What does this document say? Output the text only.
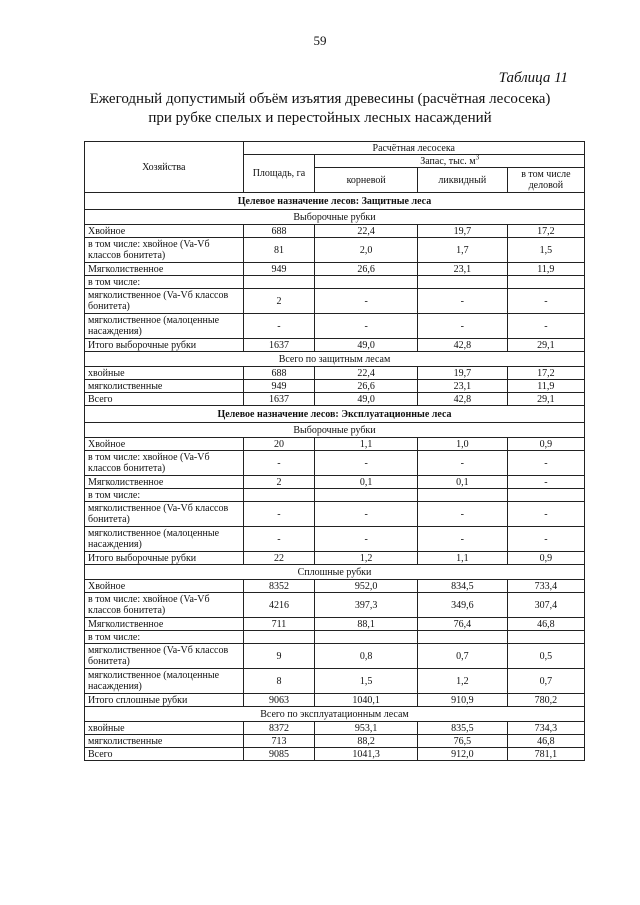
59
Таблица 11
Ежегодный допустимый объём изъятия древесины (расчётная лесосека)
при рубке спелых и перестойных лесных насаждений
Хозяйства	Расчётная лесосека			
	Площадь, га	Запас, тыс. $м^3$
		корневой	ликвидный	в том числе деловой
Целевое назначение лесов: Защитные леса				
Выборочные рубки				
Хвойное	688	22,4	19,7	17,2
в том числе: хвойное (Va-Vб классов бонитета)	81	2,0	1,7	1,5
Мягколиственное	949	26,6	23,1	11,9
в том числе:				
мягколиственное (Va-Vб классов бонитета)	2	-	-	-
мягколиственное (малоценные насаждения)	-	-	-	-
Итого выборочные рубки	1637	49,0	42,8	29,1
Всего по защитным лесам				
хвойные	688	22,4	19,7	17,2
мягколиственные	949	26,6	23,1	11,9
Всего	1637	49,0	42,8	29,1
Целевое назначение лесов: Эксплуатационные леса				
Выборочные рубки				
Хвойное	20	1,1	1,0	0,9
в том числе: хвойное (Va-Vб классов бонитета)	-	-	-	-
Мягколиственное	2	0,1	0,1	-
в том числе:				
мягколиственное (Va-Vб классов бонитета)	-	-	-	-
мягколиственное (малоценные насаждения)	-	-	-	-
Итого выборочные рубки	22	1,2	1,1	0,9
Сплошные рубки				
Хвойное	8352	952,0	834,5	733,4
в том числе: хвойное (Va-Vб классов бонитета)	4216	397,3	349,6	307,4
Мягколиственное	711	88,1	76,4	46,8
в том числе:				
мягколиственное (Va-Vб классов бонитета)	9	0,8	0,7	0,5
мягколиственное (малоценные насаждения)	8	1,5	1,2	0,7
Итого сплошные рубки	9063	1040,1	910,9	780,2
Всего по эксплуатационным лесам				
хвойные	8372	953,1	835,5	734,3
мягколиственные	713	88,2	76,5	46,8
Всего	9085	1041,3	912,0	781,1
